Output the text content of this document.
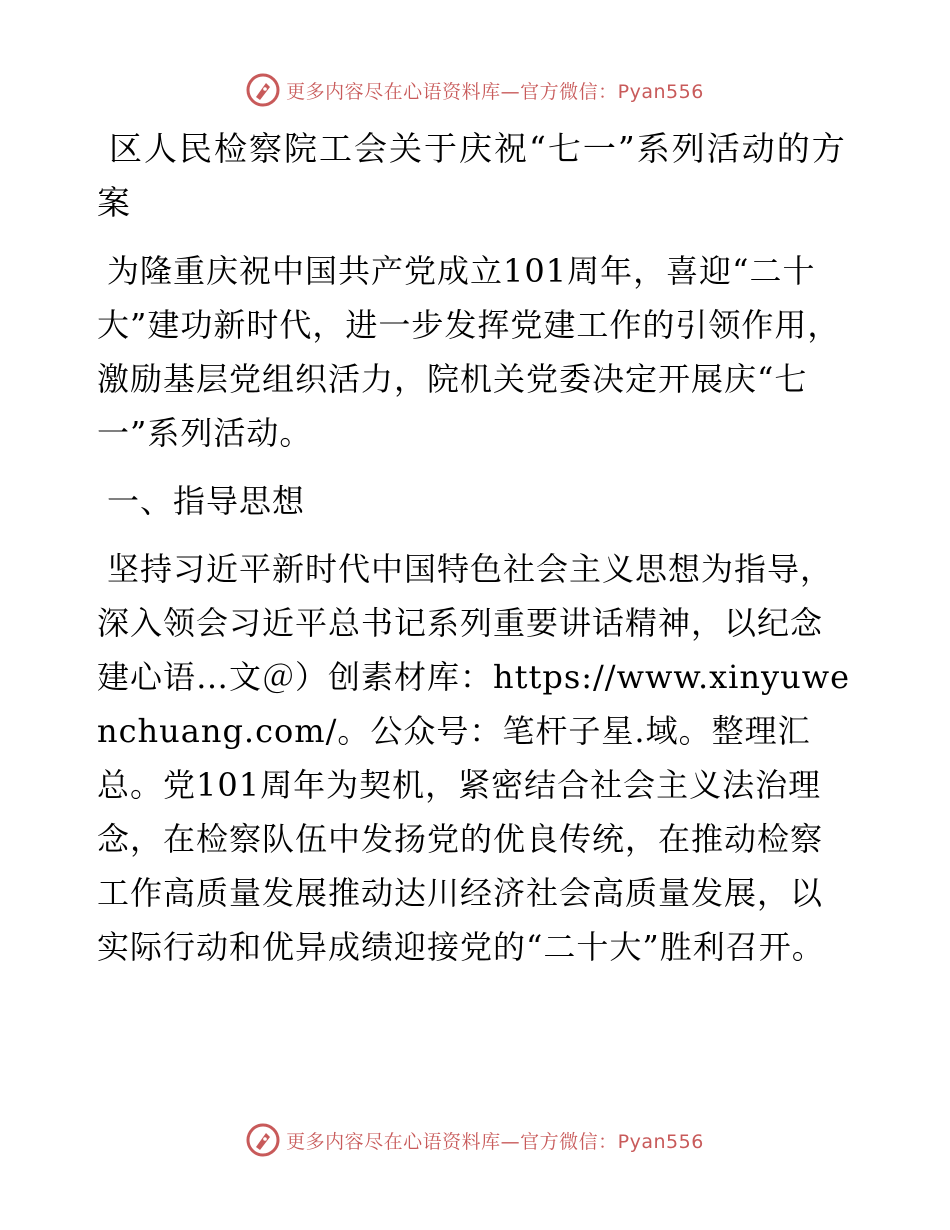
更多内容尽在心语资料库—官方微信：Pyan556
区人民检察院工会关于庆祝“七一”系列活动的方案

为隆重庆祝中国共产党成立101周年，喜迎“二十大”建功新时代，进一步发挥党建工作的引领作用，激励基层党组织活力，院机关党委决定开展庆“七一”系列活动。

一、指导思想

坚持习近平新时代中国特色社会主义思想为指导，深入领会习近平总书记系列重要讲话精神，以纪念建心语…文＠）创素材库：https://www.xinyuwenchuang.com/。公众号：笔杆子星.域。整理汇总。党101周年为契机，紧密结合社会主义法治理念，在检察队伍中发扬党的优良传统，在推动检察工作高质量发展推动达川经济社会高质量发展，以实际行动和优异成绩迎接党的“二十大”胜利召开。

更多内容尽在心语资料库—官方微信：Pyan556
